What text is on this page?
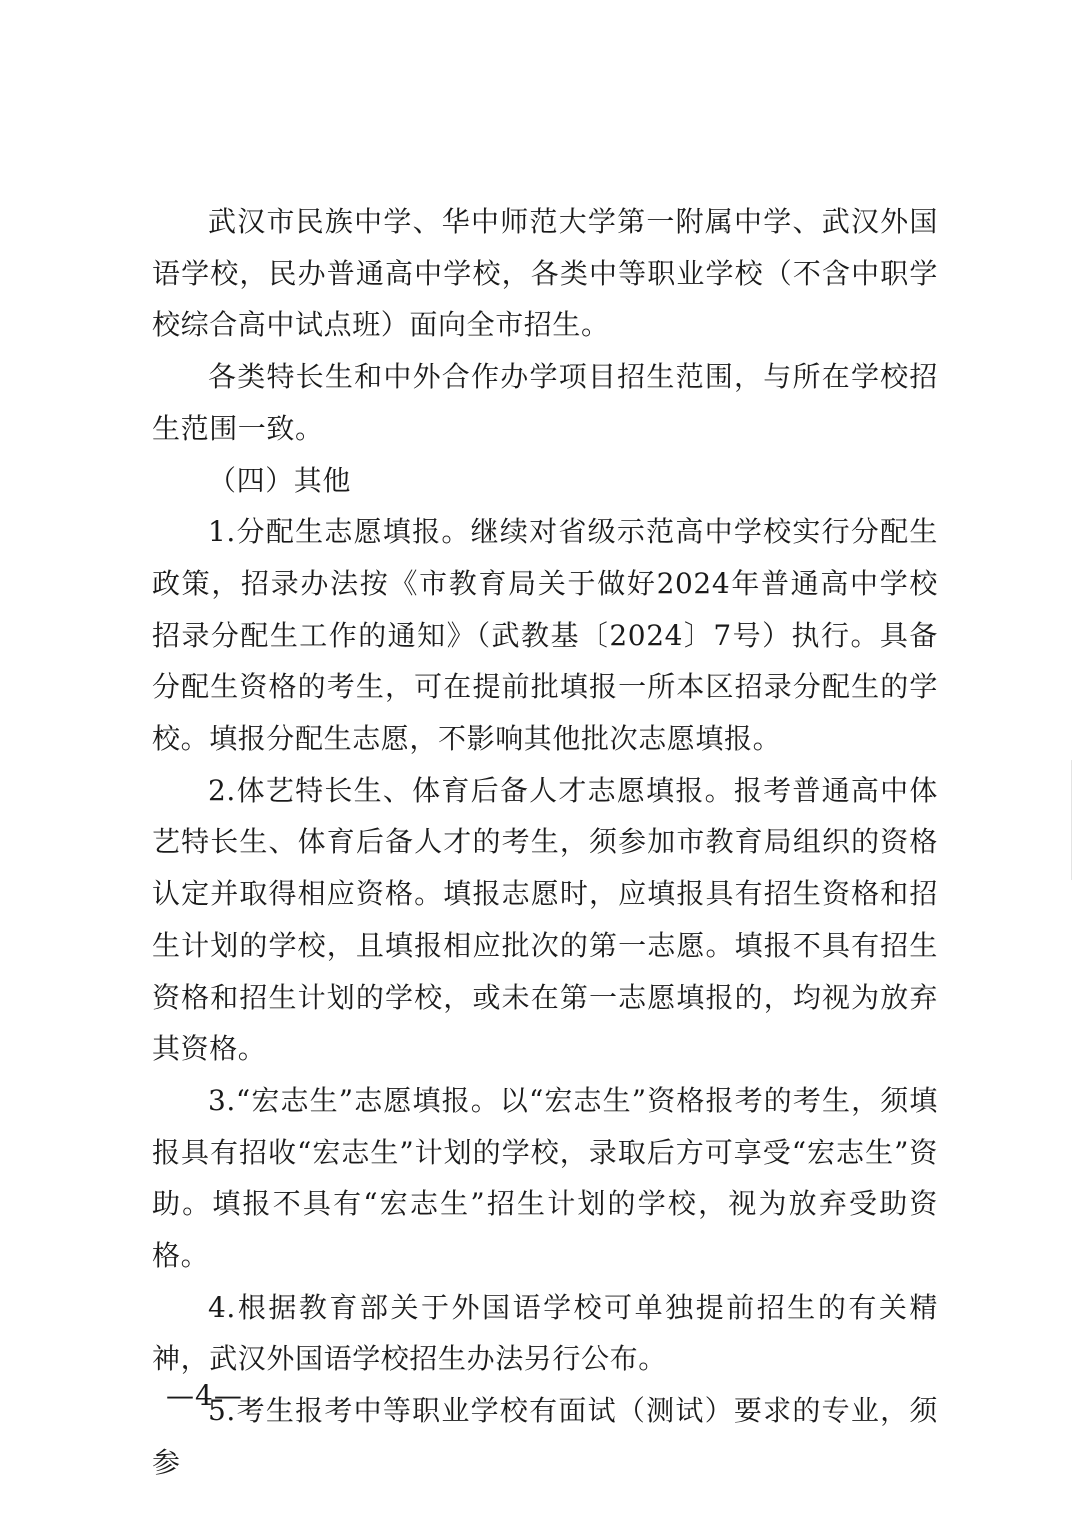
武汉市民族中学、华中师范大学第一附属中学、武汉外国语学校，民办普通高中学校，各类中等职业学校（不含中职学校综合高中试点班）面向全市招生。

各类特长生和中外合作办学项目招生范围，与所在学校招生范围一致。

（四）其他

1.分配生志愿填报。继续对省级示范高中学校实行分配生政策，招录办法按《市教育局关于做好2024年普通高中学校招录分配生工作的通知》（武教基〔2024〕7号）执行。具备分配生资格的考生，可在提前批填报一所本区招录分配生的学校。填报分配生志愿，不影响其他批次志愿填报。

2.体艺特长生、体育后备人才志愿填报。报考普通高中体艺特长生、体育后备人才的考生，须参加市教育局组织的资格认定并取得相应资格。填报志愿时，应填报具有招生资格和招生计划的学校，且填报相应批次的第一志愿。填报不具有招生资格和招生计划的学校，或未在第一志愿填报的，均视为放弃其资格。

3.“宏志生”志愿填报。以“宏志生”资格报考的考生，须填报具有招收“宏志生”计划的学校，录取后方可享受“宏志生”资助。填报不具有“宏志生”招生计划的学校，视为放弃受助资格。

4.根据教育部关于外国语学校可单独提前招生的有关精神，武汉外国语学校招生办法另行公布。

5.考生报考中等职业学校有面试（测试）要求的专业，须参

—4—
